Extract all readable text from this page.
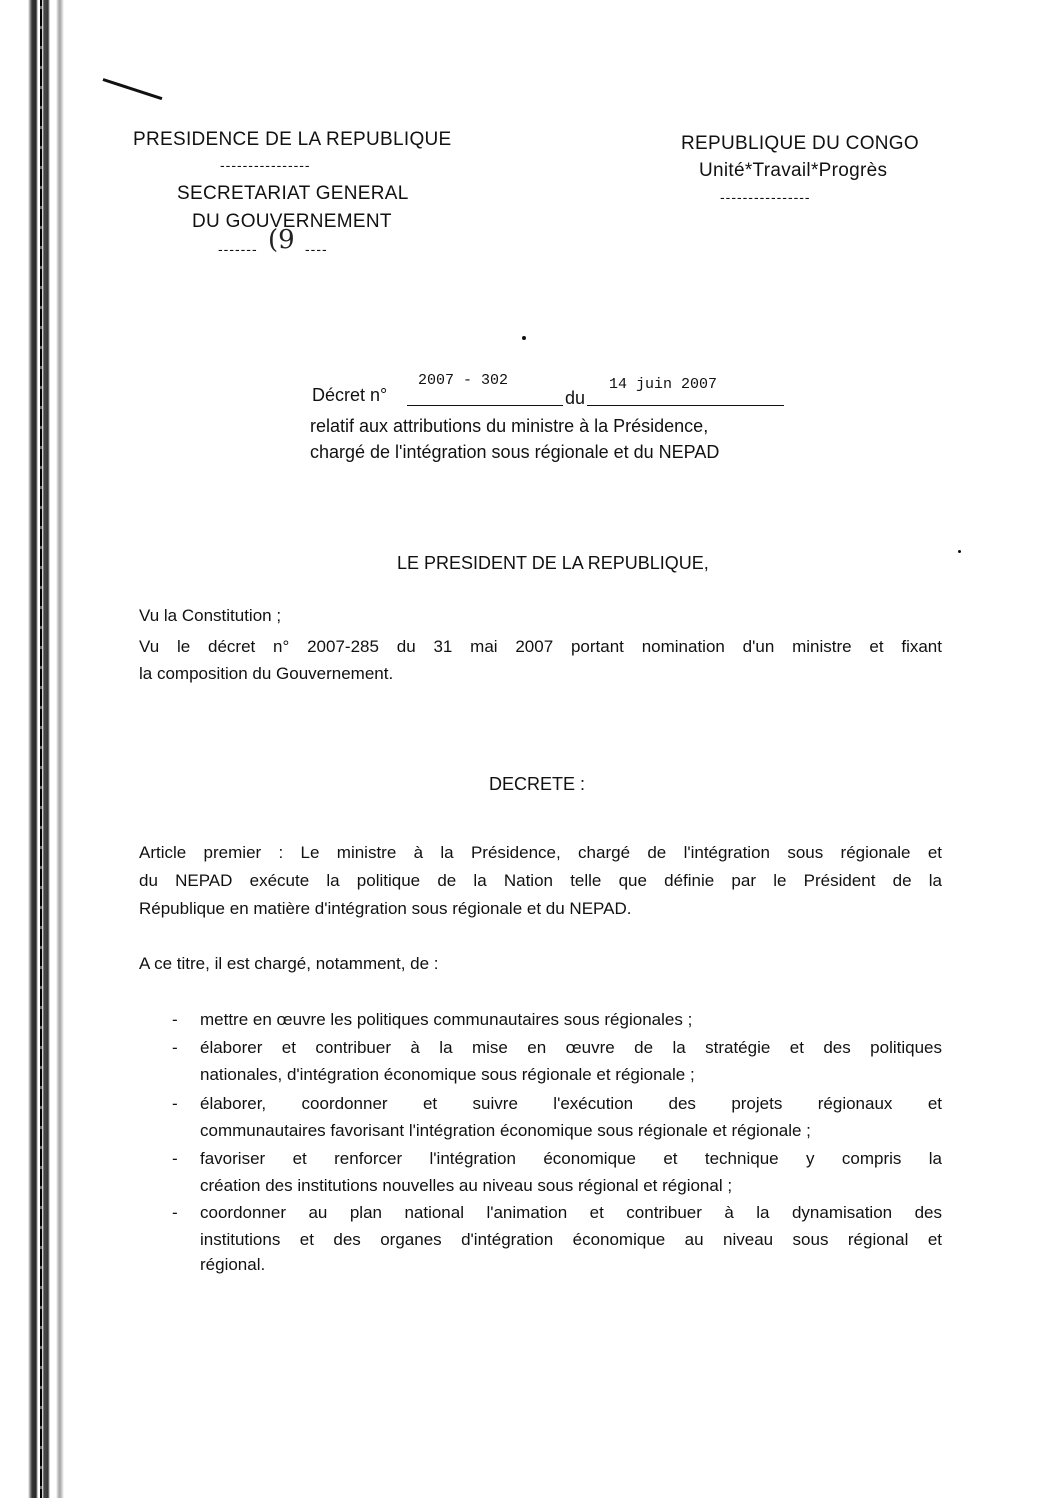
PRESIDENCE DE LA REPUBLIQUE
----------------
SECRETARIAT GENERAL
DU GOUVERNEMENT
-------	----
(9
REPUBLIQUE DU CONGO
Unité*Travail*Progrès
----------------
Décret n°
2007 - 302
du
14 juin 2007
relatif aux attributions du ministre à la Présidence,
chargé de l'intégration sous régionale et du NEPAD
LE PRESIDENT DE LA REPUBLIQUE,
Vu la Constitution ;
Vu le décret n° 2007-285 du 31 mai 2007 portant nomination d'un ministre et fixant
la composition du Gouvernement.
DECRETE :
Article premier : Le ministre à la Présidence, chargé de l'intégration sous régionale et
du NEPAD exécute la politique de la Nation telle que définie par le Président de la
République en matière d'intégration sous régionale et du NEPAD.
A ce titre, il est chargé, notamment, de :
- mettre en œuvre les politiques communautaires sous régionales ;
- élaborer et contribuer à la mise en œuvre de la stratégie et des politiques
nationales, d'intégration économique sous régionale et régionale ;
- élaborer, coordonner et suivre l'exécution des projets régionaux et
communautaires favorisant l'intégration économique sous régionale et régionale ;
- favoriser et renforcer l'intégration économique et technique y compris la
création des institutions nouvelles au niveau sous régional et régional ;
- coordonner au plan national l'animation et contribuer à la dynamisation des
institutions et des organes d'intégration économique au niveau sous régional et
régional.
